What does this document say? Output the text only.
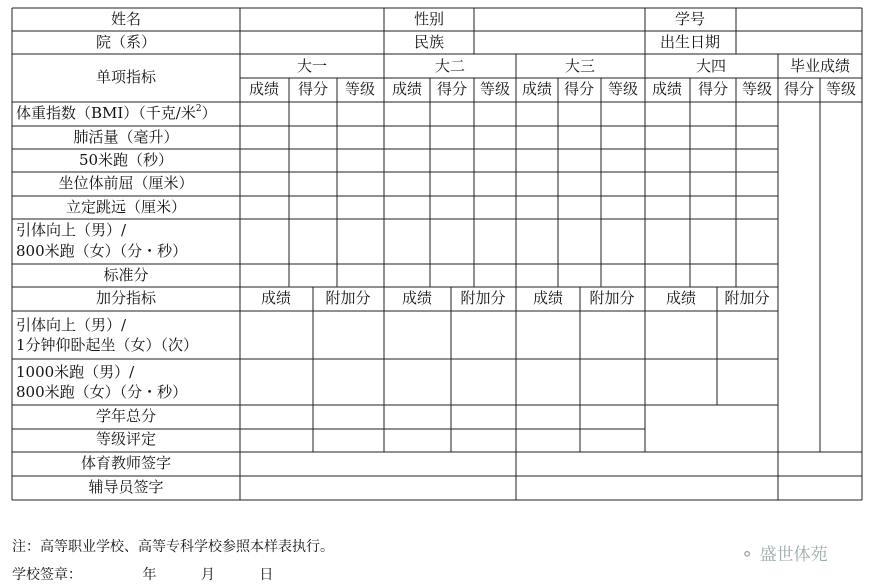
姓名	性别	学号
院（系）	民族	出生日期
单项指标
大一	大二	大三	大四	毕业成绩
成绩 得分 等级 成绩 得分 等级 成绩 得分 等级 成绩 得分 等级 得分 等级
体重指数（BMI）（千克/米$^2$）
肺活量（毫升）
50米跑（秒）
坐位体前屈（厘米）
立定跳远（厘米）
引体向上（男）/
800米跑（女）（分・秒）
标准分
加分指标	成绩 附加分 成绩 附加分 成绩 附加分 成绩 附加分
引体向上（男）/
1分钟仰卧起坐（女）（次）
1000米跑（男）/
800米跑（女）（分・秒）
学年总分
等级评定
体育教师签字
辅导员签字
注：高等职业学校、高等专科学校参照本样表执行。
学校签章：	年	月	日
⚬ 盛世体苑
